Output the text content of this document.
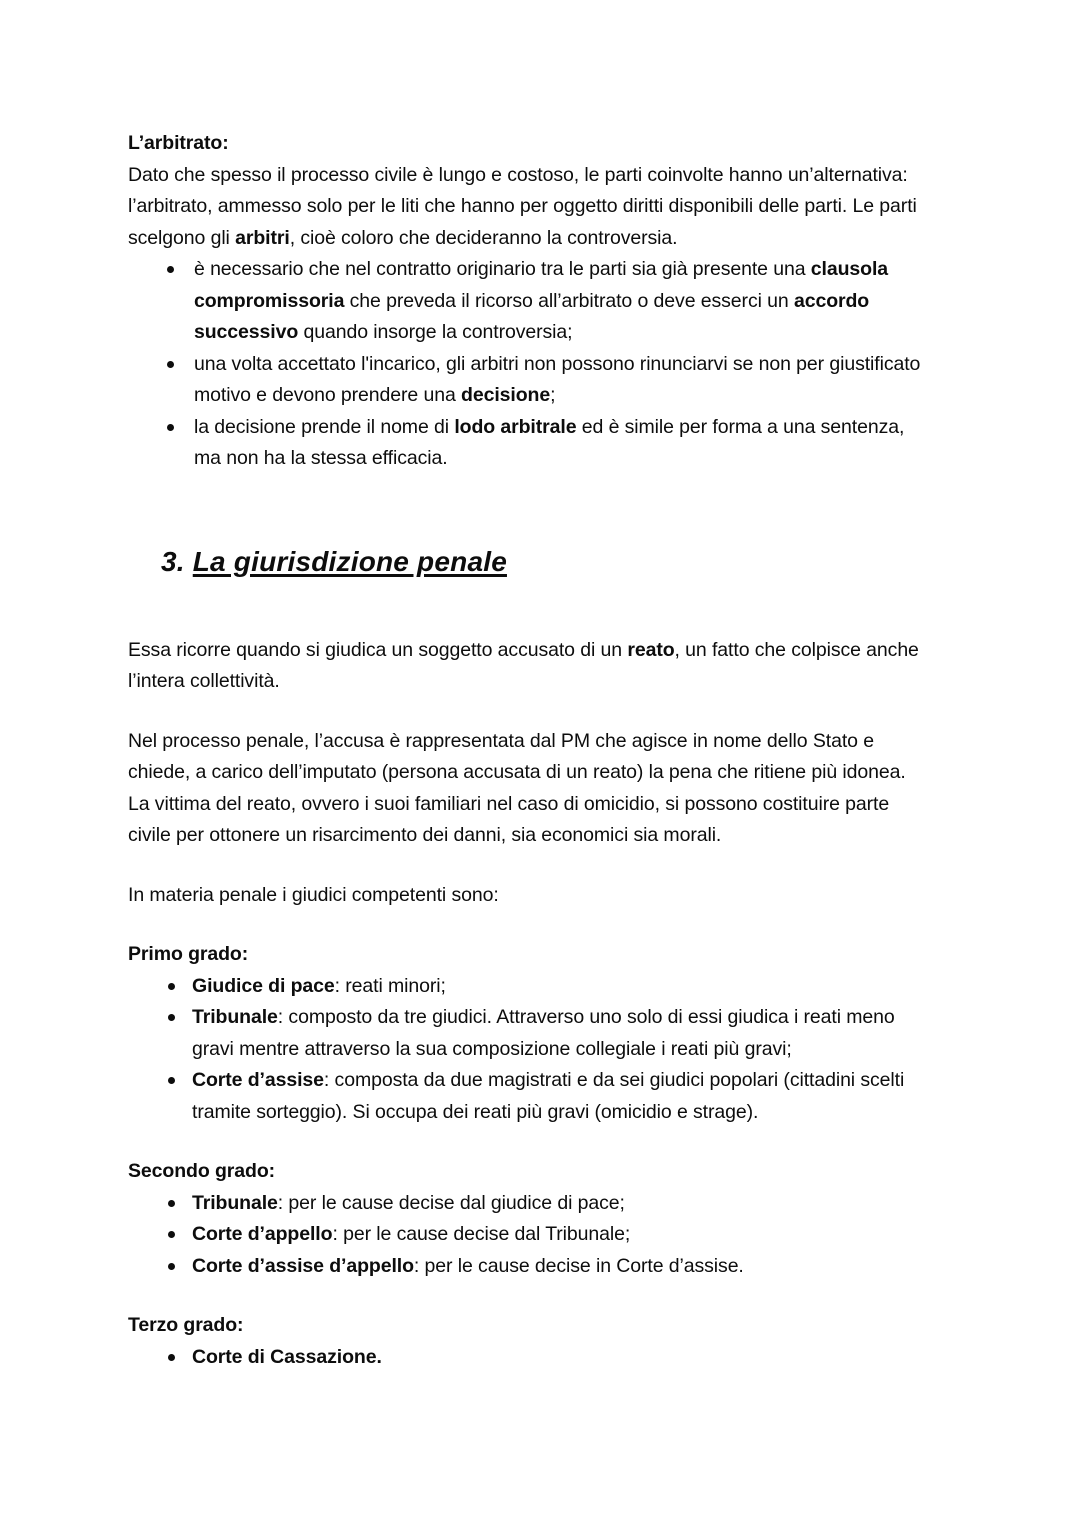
L’arbitrato:

Dato che spesso il processo civile è lungo e costoso, le parti coinvolte hanno un’alternativa: l’arbitrato, ammesso solo per le liti che hanno per oggetto diritti disponibili delle parti. Le parti scelgono gli arbitri, cioè coloro che decideranno la controversia.

è necessario che nel contratto originario tra le parti sia già presente una clausola compromissoria che preveda il ricorso all’arbitrato o deve esserci un accordo successivo quando insorge la controversia;
una volta accettato l'incarico, gli arbitri non possono rinunciarvi se non per giustificato motivo e devono prendere una decisione;
la decisione prende il nome di lodo arbitrale ed è simile per forma a una sentenza, ma non ha la stessa efficacia.
3. La giurisdizione penale

Essa ricorre quando si giudica un soggetto accusato di un reato, un fatto che colpisce anche l’intera collettività.

Nel processo penale, l’accusa è rappresentata dal PM che agisce in nome dello Stato e chiede, a carico dell’imputato (persona accusata di un reato) la pena che ritiene più idonea. La vittima del reato, ovvero i suoi familiari nel caso di omicidio, si possono costituire parte civile per ottonere un risarcimento dei danni, sia economici sia morali.

In materia penale i giudici competenti sono:

Primo grado:

Giudice di pace: reati minori;
Tribunale: composto da tre giudici. Attraverso uno solo di essi giudica i reati meno gravi mentre attraverso la sua composizione collegiale i reati più gravi;
Corte d’assise: composta da due magistrati e da sei giudici popolari (cittadini scelti tramite sorteggio). Si occupa dei reati più gravi (omicidio e strage).

Secondo grado:

Tribunale: per le cause decise dal giudice di pace;
Corte d’appello: per le cause decise dal Tribunale;
Corte d’assise d’appello: per le cause decise in Corte d’assise.

Terzo grado:

Corte di Cassazione.
